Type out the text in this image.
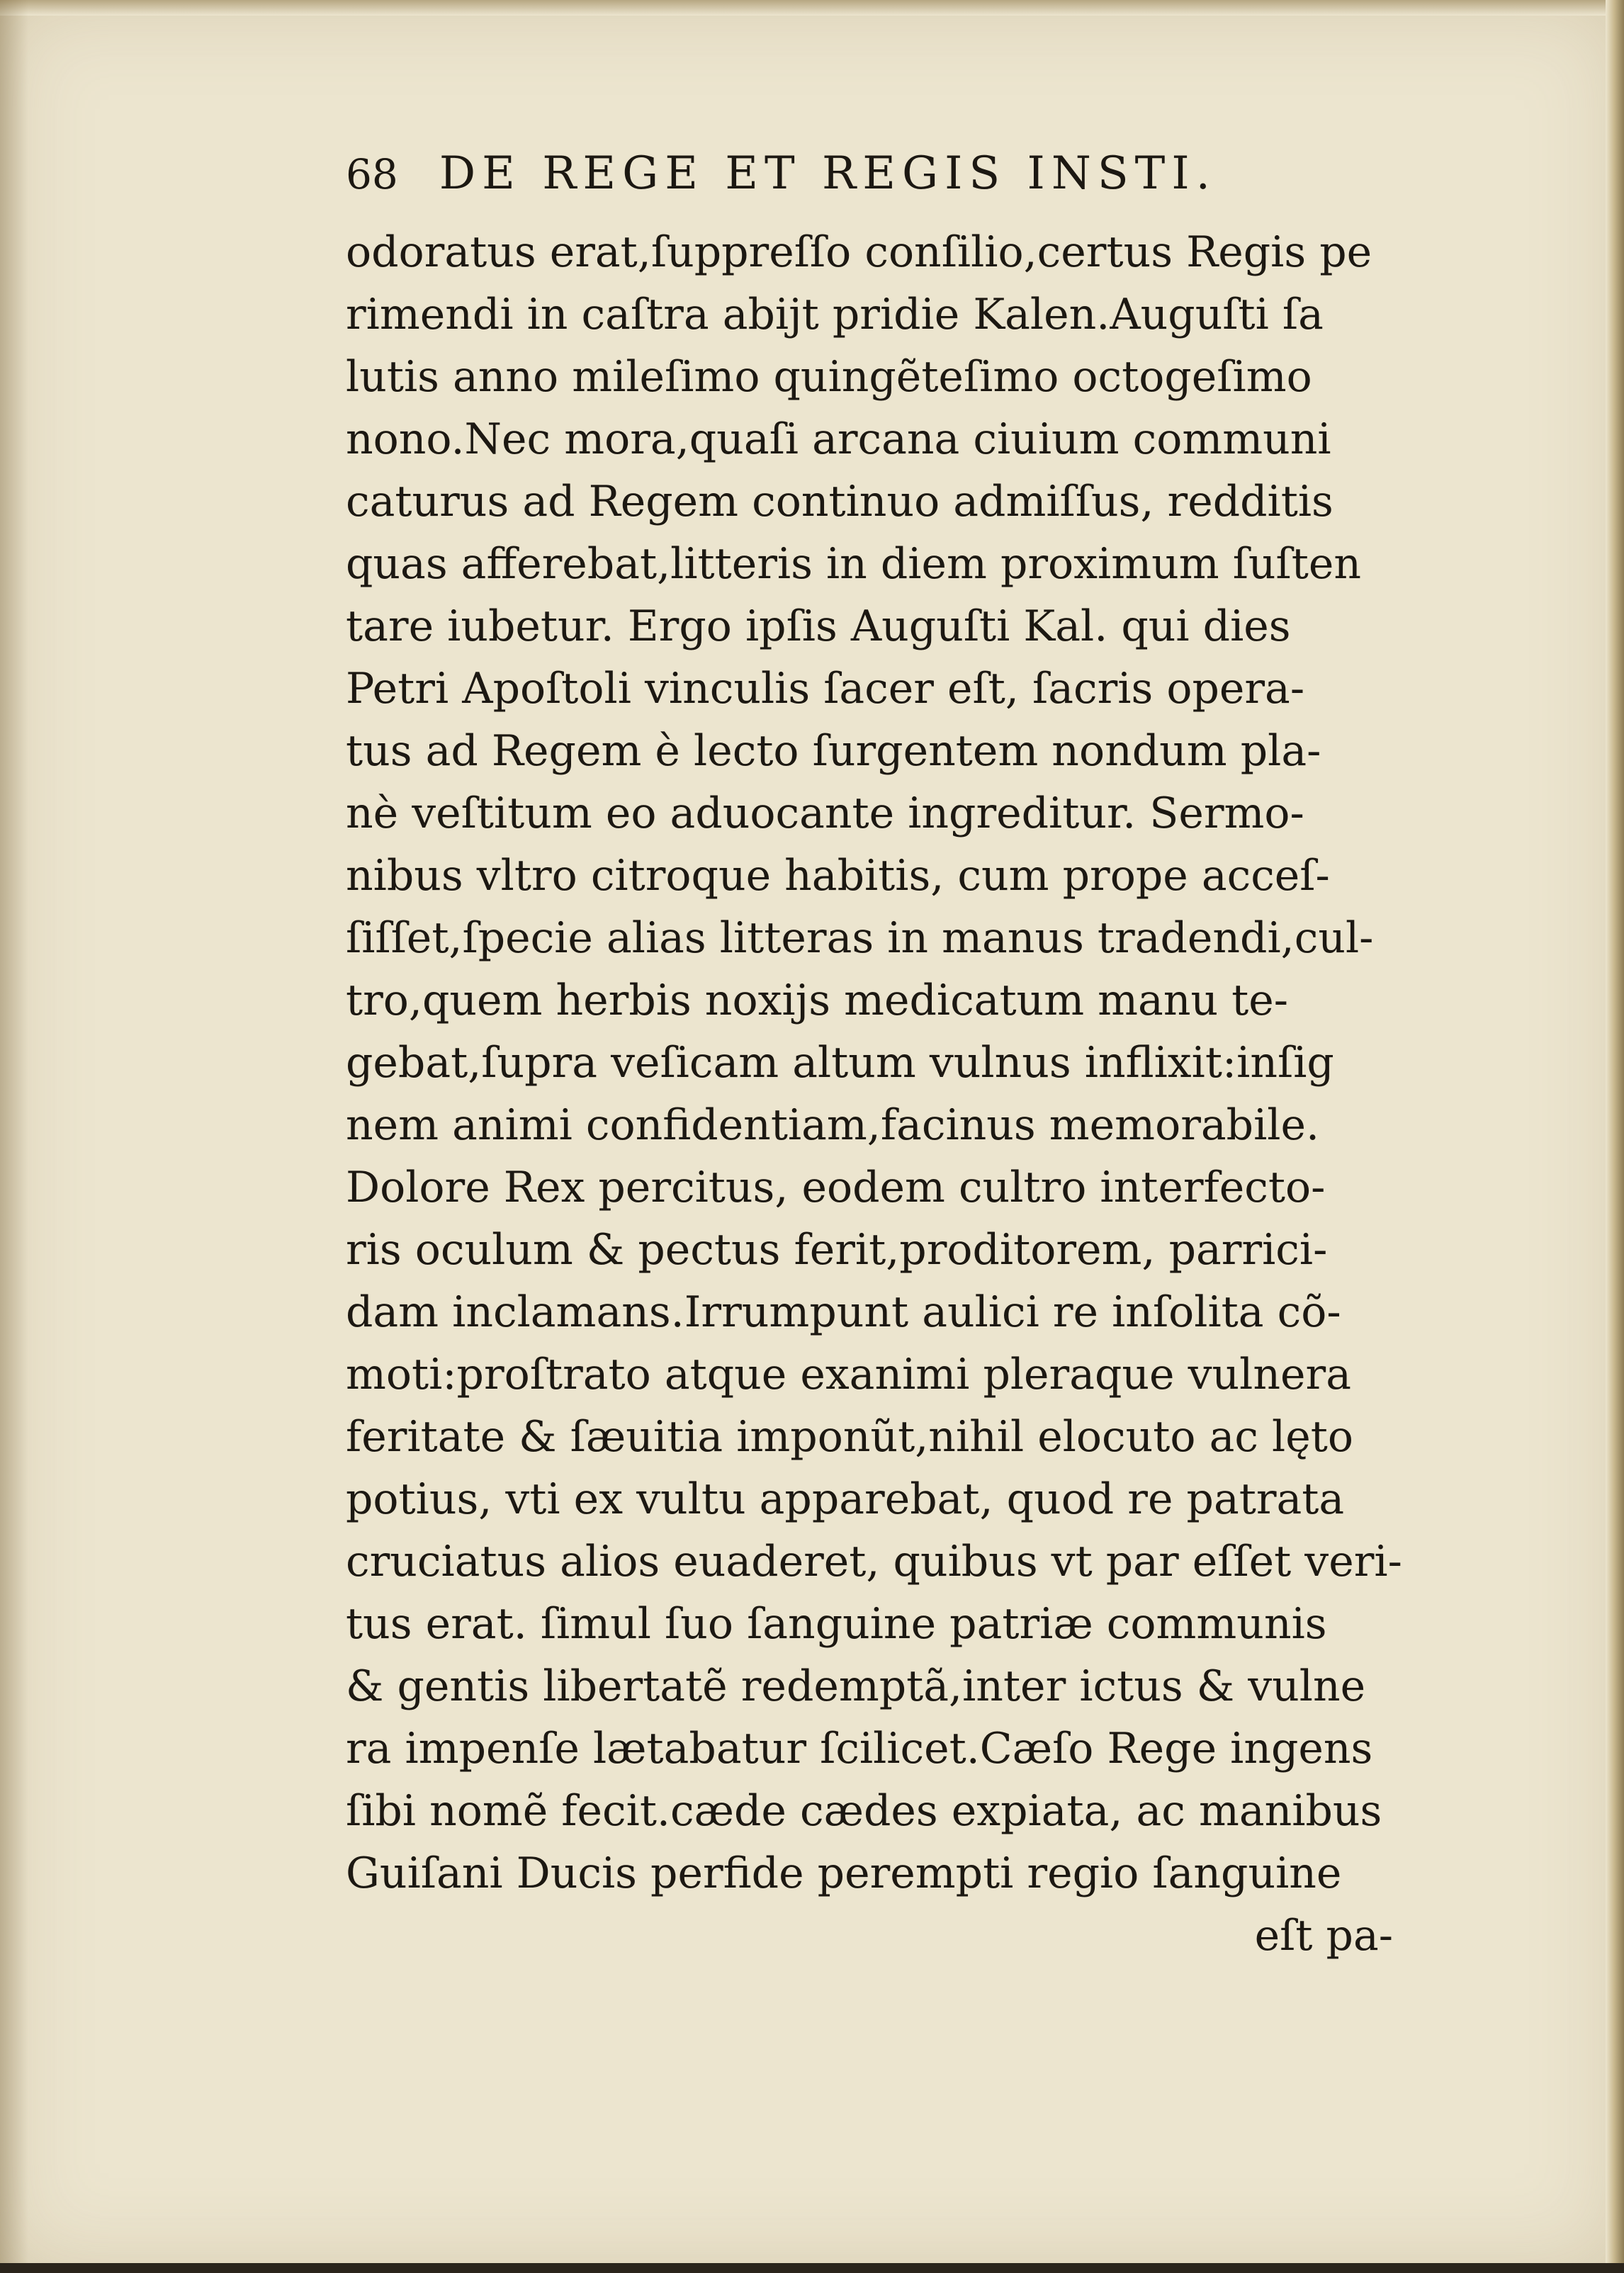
68 DE REGE ET REGIS INSTI.
odoratus erat,ſuppreſſo conſilio,certus Regis pe
rimendi in caſtra abijt pridie Kalen.Auguſti ſa
lutis anno mileſimo quingẽteſimo octogeſimo
nono.Nec mora,quaſi arcana ciuium communi
caturus ad Regem continuo admiſſus, redditis
quas afferebat,litteris in diem proximum ſuſten
tare iubetur. Ergo ipſis Auguſti Kal. qui dies
Petri Apoſtoli vinculis ſacer eſt, ſacris opera-
tus ad Regem è lecto ſurgentem nondum pla-
nè veſtitum eo aduocante ingreditur. Sermo-
nibus vltro citroque habitis, cum prope acceſ-
ſiſſet,ſpecie alias litteras in manus tradendi,cul-
tro,quem herbis noxijs medicatum manu te-
gebat,ſupra veſicam altum vulnus inflixit:inſig
nem animi confidentiam,facinus memorabile.
Dolore Rex percitus, eodem cultro interfecto-
ris oculum & pectus ferit,proditorem, parrici-
dam inclamans.Irrumpunt aulici re inſolita cõ-
moti:proſtrato atque exanimi pleraque vulnera
feritate & ſæuitia imponũt,nihil elocuto ac lęto
potius, vti ex vultu apparebat, quod re patrata
cruciatus alios euaderet, quibus vt par eſſet veri-
tus erat. ſimul ſuo ſanguine patriæ communis
& gentis libertatẽ redemptã,inter ictus & vulne
ra impenſe lætabatur ſcilicet.Cæſo Rege ingens
ſibi nomẽ fecit.cæde cædes expiata, ac manibus
Guiſani Ducis perfide perempti regio ſanguine
eſt pa-
